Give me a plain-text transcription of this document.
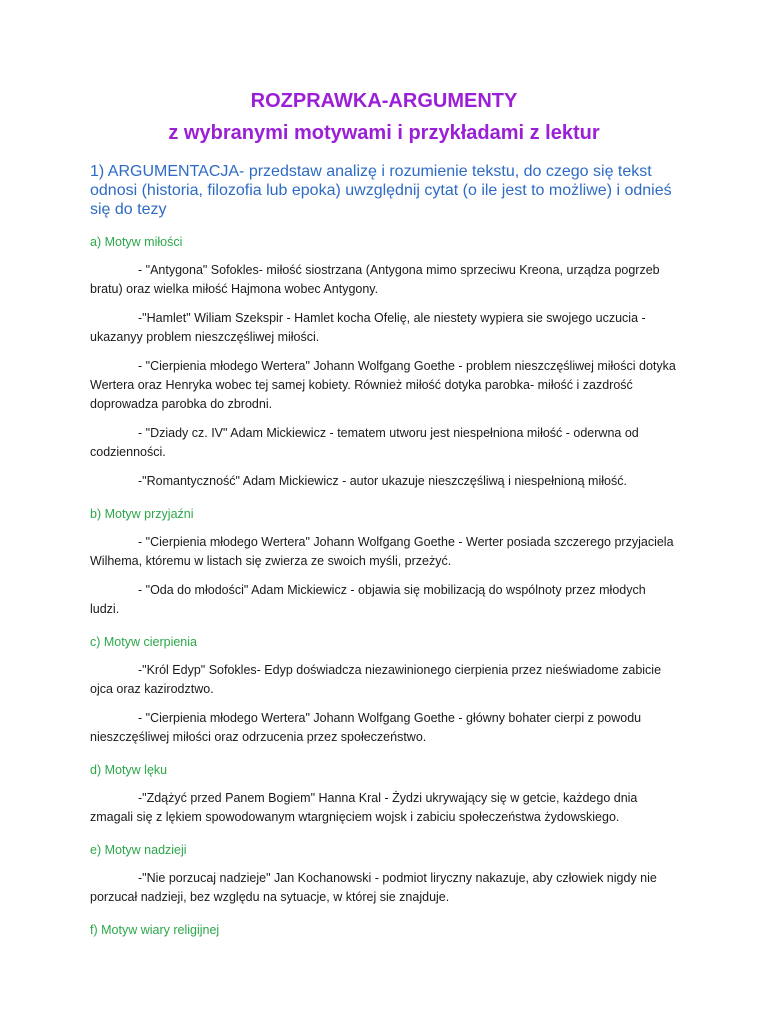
ROZPRAWKA-ARGUMENTY
z wybranymi motywami i przykładami z lektur

1) ARGUMENTACJA- przedstaw analizę i rozumienie tekstu, do czego się tekst odnosi (historia, filozofia lub epoka) uwzględnij cytat (o ile jest to możliwe) i odnieś się do tezy

a) Motyw miłości

- "Antygona" Sofokles- miłość siostrzana (Antygona mimo sprzeciwu Kreona, urządza pogrzeb bratu) oraz wielka miłość Hajmona wobec Antygony.

-"Hamlet" Wiliam Szekspir - Hamlet kocha Ofelię, ale niestety wypiera sie swojego uczucia - ukazanyy problem nieszczęśliwej miłości.

- "Cierpienia młodego Wertera" Johann Wolfgang Goethe - problem nieszczęśliwej miłości dotyka Wertera oraz Henryka wobec tej samej kobiety. Również miłość dotyka parobka- miłość i zazdrość doprowadza parobka do zbrodni.

- "Dziady cz. IV" Adam Mickiewicz - tematem utworu jest niespełniona miłość - oderwna od codzienności.

-"Romantyczność" Adam Mickiewicz - autor ukazuje nieszczęśliwą i niespełnioną miłość.

b) Motyw przyjaźni

- "Cierpienia młodego Wertera" Johann Wolfgang Goethe - Werter posiada szczerego przyjaciela Wilhema, któremu w listach się zwierza ze swoich myśli, przeżyć.

- "Oda do młodości" Adam Mickiewicz - objawia się mobilizacją do wspólnoty przez młodych ludzi.

c) Motyw cierpienia

-"Król Edyp" Sofokles- Edyp doświadcza niezawinionego cierpienia przez nieświadome zabicie ojca oraz kazirodztwo.

- "Cierpienia młodego Wertera" Johann Wolfgang Goethe - główny bohater cierpi z powodu nieszczęśliwej miłości oraz odrzucenia przez społeczeństwo.

d) Motyw lęku

-"Zdążyć przed Panem Bogiem" Hanna Kral - Żydzi ukrywający się w getcie, każdego dnia zmagali się z lękiem spowodowanym wtargnięciem wojsk i zabiciu społeczeństwa żydowskiego.

e) Motyw nadzieji

-"Nie porzucaj nadzieje" Jan Kochanowski - podmiot liryczny nakazuje, aby człowiek nigdy nie porzucał nadzieji, bez względu na sytuacje, w której sie znajduje.

f) Motyw wiary religijnej
